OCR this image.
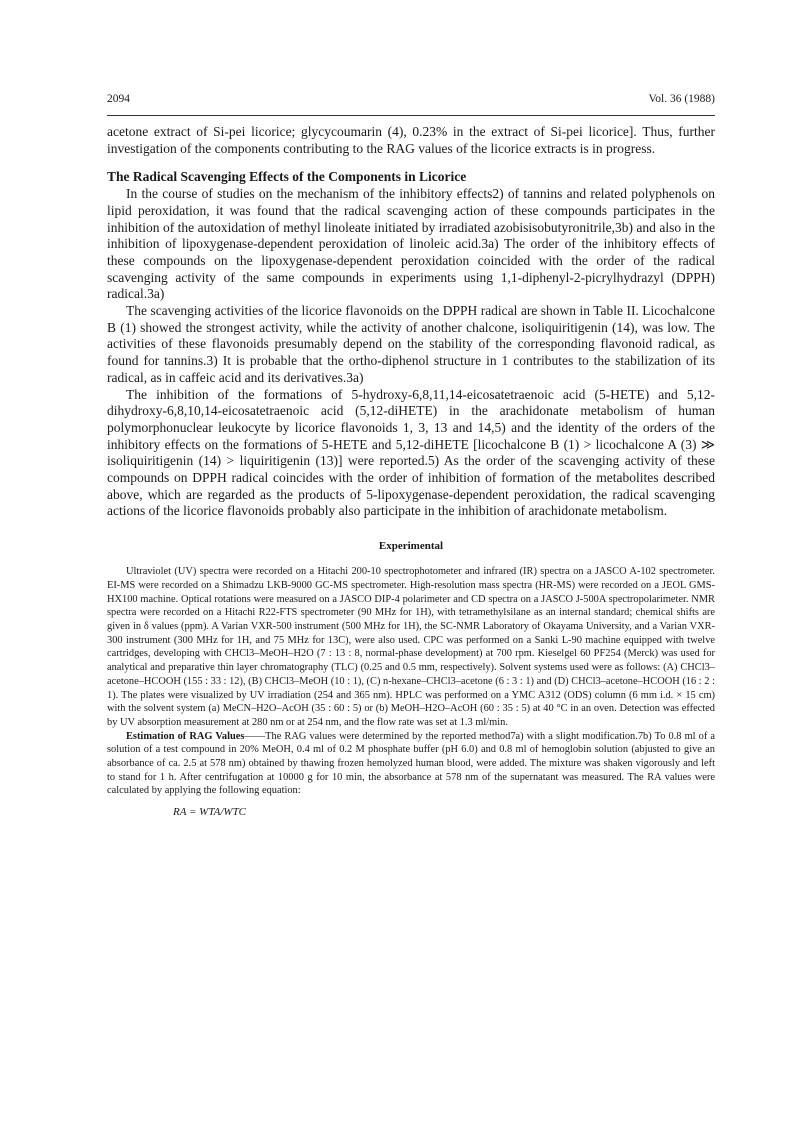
2094	Vol. 36 (1988)

acetone extract of Si-pei licorice; glycycoumarin (4), 0.23% in the extract of Si-pei licorice]. Thus, further investigation of the components contributing to the RAG values of the licorice extracts is in progress.

The Radical Scavenging Effects of the Components in Licorice

In the course of studies on the mechanism of the inhibitory effects2) of tannins and related polyphenols on lipid peroxidation, it was found that the radical scavenging action of these compounds participates in the inhibition of the autoxidation of methyl linoleate initiated by irradiated azobisisobutyronitrile,3b) and also in the inhibition of lipoxygenase-dependent peroxidation of linoleic acid.3a) The order of the inhibitory effects of these compounds on the lipoxygenase-dependent peroxidation coincided with the order of the radical scavenging activity of the same compounds in experiments using 1,1-diphenyl-2-picrylhydrazyl (DPPH) radical.3a)

The scavenging activities of the licorice flavonoids on the DPPH radical are shown in Table II. Licochalcone B (1) showed the strongest activity, while the activity of another chalcone, isoliquiritigenin (14), was low. The activities of these flavonoids presumably depend on the stability of the corresponding flavonoid radical, as found for tannins.3) It is probable that the ortho-diphenol structure in 1 contributes to the stabilization of its radical, as in caffeic acid and its derivatives.3a)

The inhibition of the formations of 5-hydroxy-6,8,11,14-eicosatetraenoic acid (5-HETE) and 5,12-dihydroxy-6,8,10,14-eicosatetraenoic acid (5,12-diHETE) in the arachidonate metabolism of human polymorphonuclear leukocyte by licorice flavonoids 1, 3, 13 and 14,5) and the identity of the orders of the inhibitory effects on the formations of 5-HETE and 5,12-diHETE [licochalcone B (1) > licochalcone A (3) ≫ isoliquiritigenin (14) > liquiritigenin (13)] were reported.5) As the order of the scavenging activity of these compounds on DPPH radical coincides with the order of inhibition of formation of the metabolites described above, which are regarded as the products of 5-lipoxygenase-dependent peroxidation, the radical scavenging actions of the licorice flavonoids probably also participate in the inhibition of arachidonate metabolism.

Experimental

Ultraviolet (UV) spectra were recorded on a Hitachi 200-10 spectrophotometer and infrared (IR) spectra on a JASCO A-102 spectrometer. EI-MS were recorded on a Shimadzu LKB-9000 GC-MS spectrometer. High-resolution mass spectra (HR-MS) were recorded on a JEOL GMS-HX100 machine. Optical rotations were measured on a JASCO DIP-4 polarimeter and CD spectra on a JASCO J-500A spectropolarimeter. NMR spectra were recorded on a Hitachi R22-FTS spectrometer (90 MHz for 1H), with tetramethylsilane as an internal standard; chemical shifts are given in δ values (ppm). A Varian VXR-500 instrument (500 MHz for 1H), the SC-NMR Laboratory of Okayama University, and a Varian VXR-300 instrument (300 MHz for 1H, and 75 MHz for 13C), were also used. CPC was performed on a Sanki L-90 machine equipped with twelve cartridges, developing with CHCl3–MeOH–H2O (7 : 13 : 8, normal-phase development) at 700 rpm. Kieselgel 60 PF254 (Merck) was used for analytical and preparative thin layer chromatography (TLC) (0.25 and 0.5 mm, respectively). Solvent systems used were as follows: (A) CHCl3–acetone–HCOOH (155 : 33 : 12), (B) CHCl3–MeOH (10 : 1), (C) n-hexane–CHCl3–acetone (6 : 3 : 1) and (D) CHCl3–acetone–HCOOH (16 : 2 : 1). The plates were visualized by UV irradiation (254 and 365 nm). HPLC was performed on a YMC A312 (ODS) column (6 mm i.d. × 15 cm) with the solvent system (a) MeCN–H2O–AcOH (35 : 60 : 5) or (b) MeOH–H2O–AcOH (60 : 35 : 5) at 40 °C in an oven. Detection was effected by UV absorption measurement at 280 nm or at 254 nm, and the flow rate was set at 1.3 ml/min.

Estimation of RAG Values——The RAG values were determined by the reported method7a) with a slight modification.7b) To 0.8 ml of a solution of a test compound in 20% MeOH, 0.4 ml of 0.2 M phosphate buffer (pH 6.0) and 0.8 ml of hemoglobin solution (abjusted to give an absorbance of ca. 2.5 at 578 nm) obtained by thawing frozen hemolyzed human blood, were added. The mixture was shaken vigorously and left to stand for 1 h. After centrifugation at 10000 g for 10 min, the absorbance at 578 nm of the supernatant was measured. The RA values were calculated by applying the following equation:

RA = WTA/WTC
